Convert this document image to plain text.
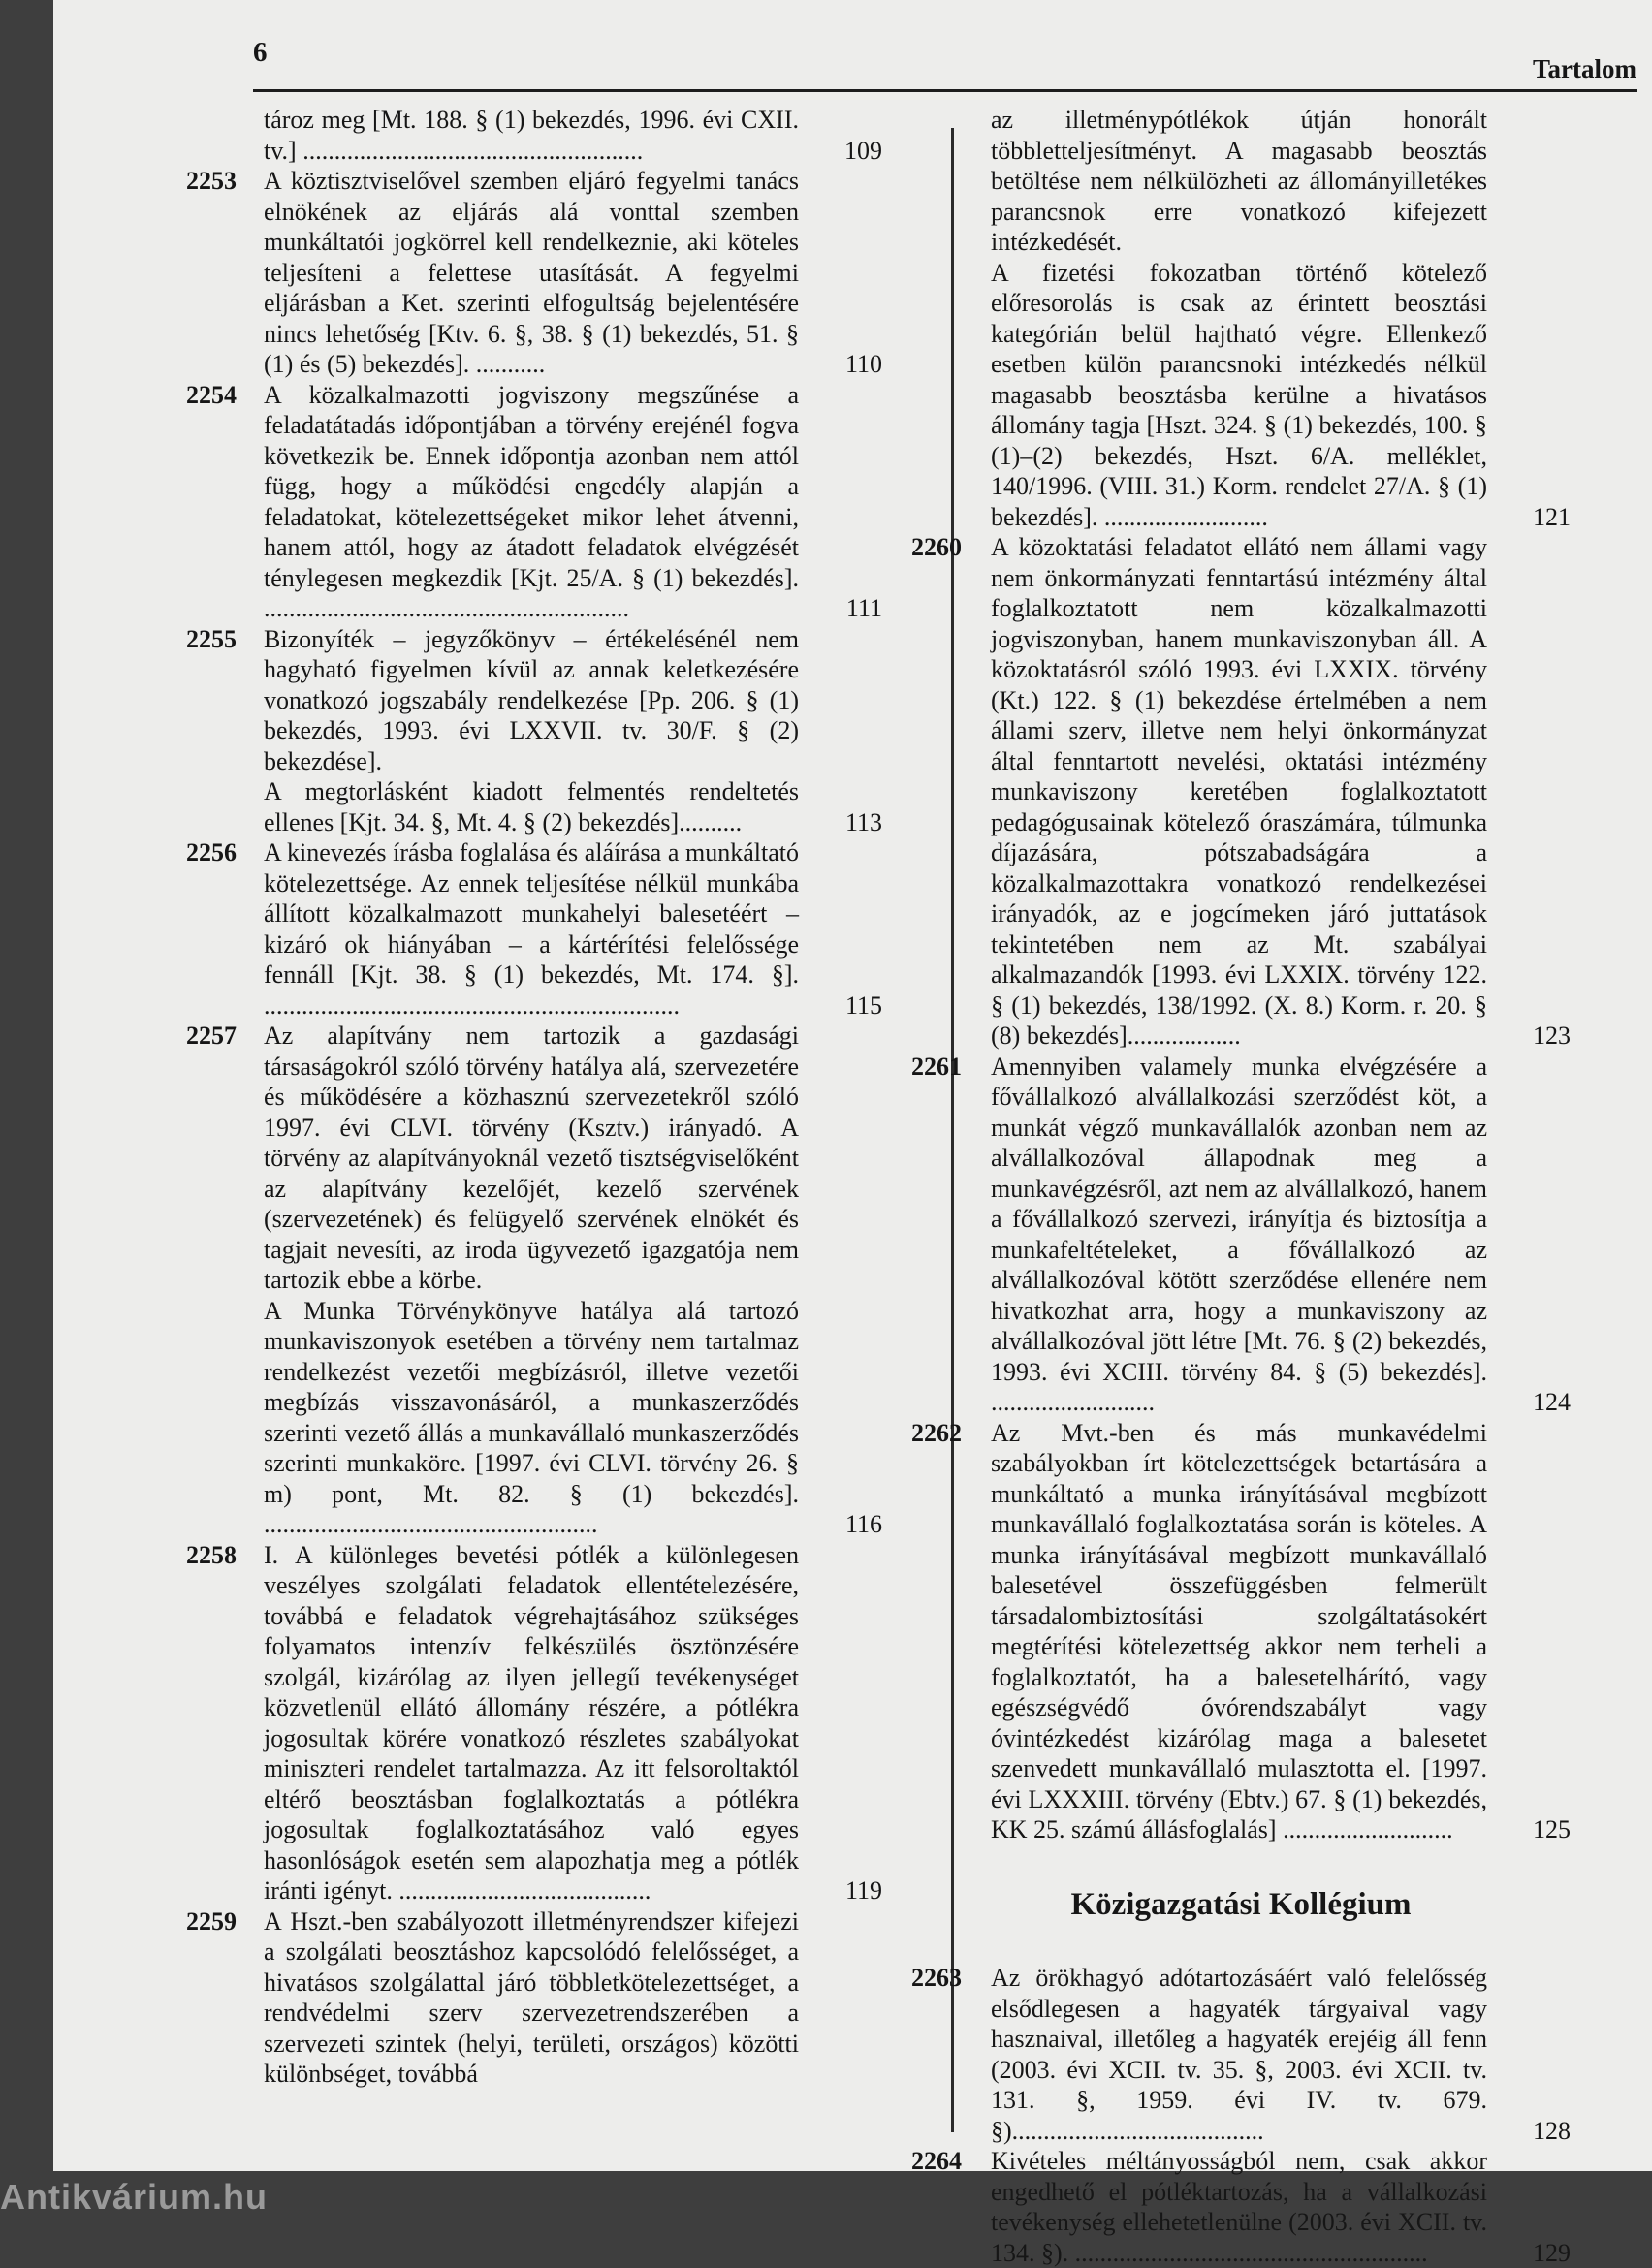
6
Tartalom
tároz meg [Mt. 188. § (1) bekezdés, 1996. évi CXII. tv.] ......................................................	109
2253 A köztisztviselővel szemben eljáró fegyelmi tanács elnökének az eljárás alá vonttal szemben munkáltatói jogkörrel kell rendelkeznie, aki köteles teljesíteni a felettese utasítását. A fegyelmi eljárásban a Ket. szerinti elfogultság bejelentésére nincs lehetőség [Ktv. 6. §, 38. § (1) bekezdés, 51. § (1) és (5) bekezdés]. ...........	110
2254 A közalkalmazotti jogviszony megszűnése a feladatátadás időpontjában a törvény erejénél fogva következik be. Ennek időpontja azonban nem attól függ, hogy a működési engedély alapján a feladatokat, kötelezettségeket mikor lehet átvenni, hanem attól, hogy az átadott feladatok elvégzését ténylegesen megkezdik [Kjt. 25/A. § (1) bekezdés]. ..........................................................	111
2255 Bizonyíték – jegyzőkönyv – értékelésénél nem hagyható figyelmen kívül az annak keletkezésére vonatkozó jogszabály rendelkezése [Pp. 206. § (1) bekezdés, 1993. évi LXXVII. tv. 30/F. § (2) bekezdése].
A megtorlásként kiadott felmentés rendeltetés ellenes [Kjt. 34. §, Mt. 4. § (2) bekezdés]..........	113
2256 A kinevezés írásba foglalása és aláírása a munkáltató kötelezettsége. Az ennek teljesítése nélkül munkába állított közalkalmazott munkahelyi balesetéért – kizáró ok hiányában – a kártérítési felelőssége fennáll [Kjt. 38. § (1) bekezdés, Mt. 174. §]. ..................................................................	115
2257 Az alapítvány nem tartozik a gazdasági társaságokról szóló törvény hatálya alá, szervezetére és működésére a közhasznú szervezetekről szóló 1997. évi CLVI. törvény (Ksztv.) irányadó. A törvény az alapítványoknál vezető tisztségviselőként az alapítvány kezelőjét, kezelő szervének (szervezetének) és felügyelő szervének elnökét és tagjait nevesíti, az iroda ügyvezető igazgatója nem tartozik ebbe a körbe.
A Munka Törvénykönyve hatálya alá tartozó munkaviszonyok esetében a törvény nem tartalmaz rendelkezést vezetői megbízásról, illetve vezetői megbízás visszavonásáról, a munkaszerződés szerinti vezető állás a munkavállaló munkaszerződés szerinti munkaköre. [1997. évi CLVI. törvény 26. § m) pont, Mt. 82. § (1) bekezdés]. .....................................................	116
2258 I. A különleges bevetési pótlék a különlegesen veszélyes szolgálati feladatok ellentételezésére, továbbá e feladatok végrehajtásához szükséges folyamatos intenzív felkészülés ösztönzésére szolgál, kizárólag az ilyen jellegű tevékenységet közvetlenül ellátó állomány részére, a pótlékra jogosultak körére vonatkozó részletes szabályokat miniszteri rendelet tartalmazza. Az itt felsoroltaktól eltérő beosztásban foglalkoztatás a pótlékra jogosultak foglalkoztatásához való egyes hasonlóságok esetén sem alapozhatja meg a pótlék iránti igényt. ........................................	119
2259 A Hszt.-ben szabályozott illetményrendszer kifejezi a szolgálati beosztáshoz kapcsolódó felelősséget, a hivatásos szolgálattal járó többletkötelezettséget, a rendvédelmi szerv szervezetrendszerében a szervezeti szintek (helyi, területi, országos) közötti különbséget, továbbá
az illetménypótlékok útján honorált többletteljesítményt. A magasabb beosztás betöltése nem nélkülözheti az állományilletékes parancsnok erre vonatkozó kifejezett intézkedését.
A fizetési fokozatban történő kötelező előresorolás is csak az érintett beosztási kategórián belül hajtható végre. Ellenkező esetben külön parancsnoki intézkedés nélkül magasabb beosztásba kerülne a hivatásos állomány tagja [Hszt. 324. § (1) bekezdés, 100. § (1)–(2) bekezdés, Hszt. 6/A. melléklet, 140/1996. (VIII. 31.) Korm. rendelet 27/A. § (1) bekezdés]. ..........................	121
2260 A közoktatási feladatot ellátó nem állami vagy nem önkormányzati fenntartású intézmény által foglalkoztatott nem közalkalmazotti jogviszonyban, hanem munkaviszonyban áll. A közoktatásról szóló 1993. évi LXXIX. törvény (Kt.) 122. § (1) bekezdése értelmében a nem állami szerv, illetve nem helyi önkormányzat által fenntartott nevelési, oktatási intézmény munkaviszony keretében foglalkoztatott pedagógusainak kötelező óraszámára, túlmunka díjazására, pótszabadságára a közalkalmazottakra vonatkozó rendelkezései irányadók, az e jogcímeken járó juttatások tekintetében nem az Mt. szabályai alkalmazandók [1993. évi LXXIX. törvény 122. § (1) bekezdés, 138/1992. (X. 8.) Korm. r. 20. § (8) bekezdés]..................	123
2261 Amennyiben valamely munka elvégzésére a fővállalkozó alvállalkozási szerződést köt, a munkát végző munkavállalók azonban nem az alvállalkozóval állapodnak meg a munkavégzésről, azt nem az alvállalkozó, hanem a fővállalkozó szervezi, irányítja és biztosítja a munkafeltételeket, a fővállalkozó az alvállalkozóval kötött szerződése ellenére nem hivatkozhat arra, hogy a munkaviszony az alvállalkozóval jött létre [Mt. 76. § (2) bekezdés, 1993. évi XCIII. törvény 84. § (5) bekezdés]. ..........................	124
2262 Az Mvt.-ben és más munkavédelmi szabályokban írt kötelezettségek betartására a munkáltató a munka irányításával megbízott munkavállaló foglalkoztatása során is köteles. A munka irányításával megbízott munkavállaló balesetével összefüggésben felmerült társadalombiztosítási szolgáltatásokért megtérítési kötelezettség akkor nem terheli a foglalkoztatót, ha a balesetelhárító, vagy egészségvédő óvórendszabályt vagy óvintézkedést kizárólag maga a balesetet szenvedett munkavállaló mulasztotta el. [1997. évi LXXXIII. törvény (Ebtv.) 67. § (1) bekezdés, KK 25. számú állásfoglalás] ...........................	125
Közigazgatási Kollégium
2263 Az örökhagyó adótartozásáért való felelősség elsődlegesen a hagyaték tárgyaival vagy hasznaival, illetőleg a hagyaték erejéig áll fenn (2003. évi XCII. tv. 35. §, 2003. évi XCII. tv. 131. §, 1959. évi IV. tv. 679. §)........................................	128
2264 Kivételes méltányosságból nem, csak akkor engedhető el pótléktartozás, ha a vállalkozási tevékenység ellehetetlenülne (2003. évi XCII. tv. 134. §). ........................................................	129
Antikvárium.hu
